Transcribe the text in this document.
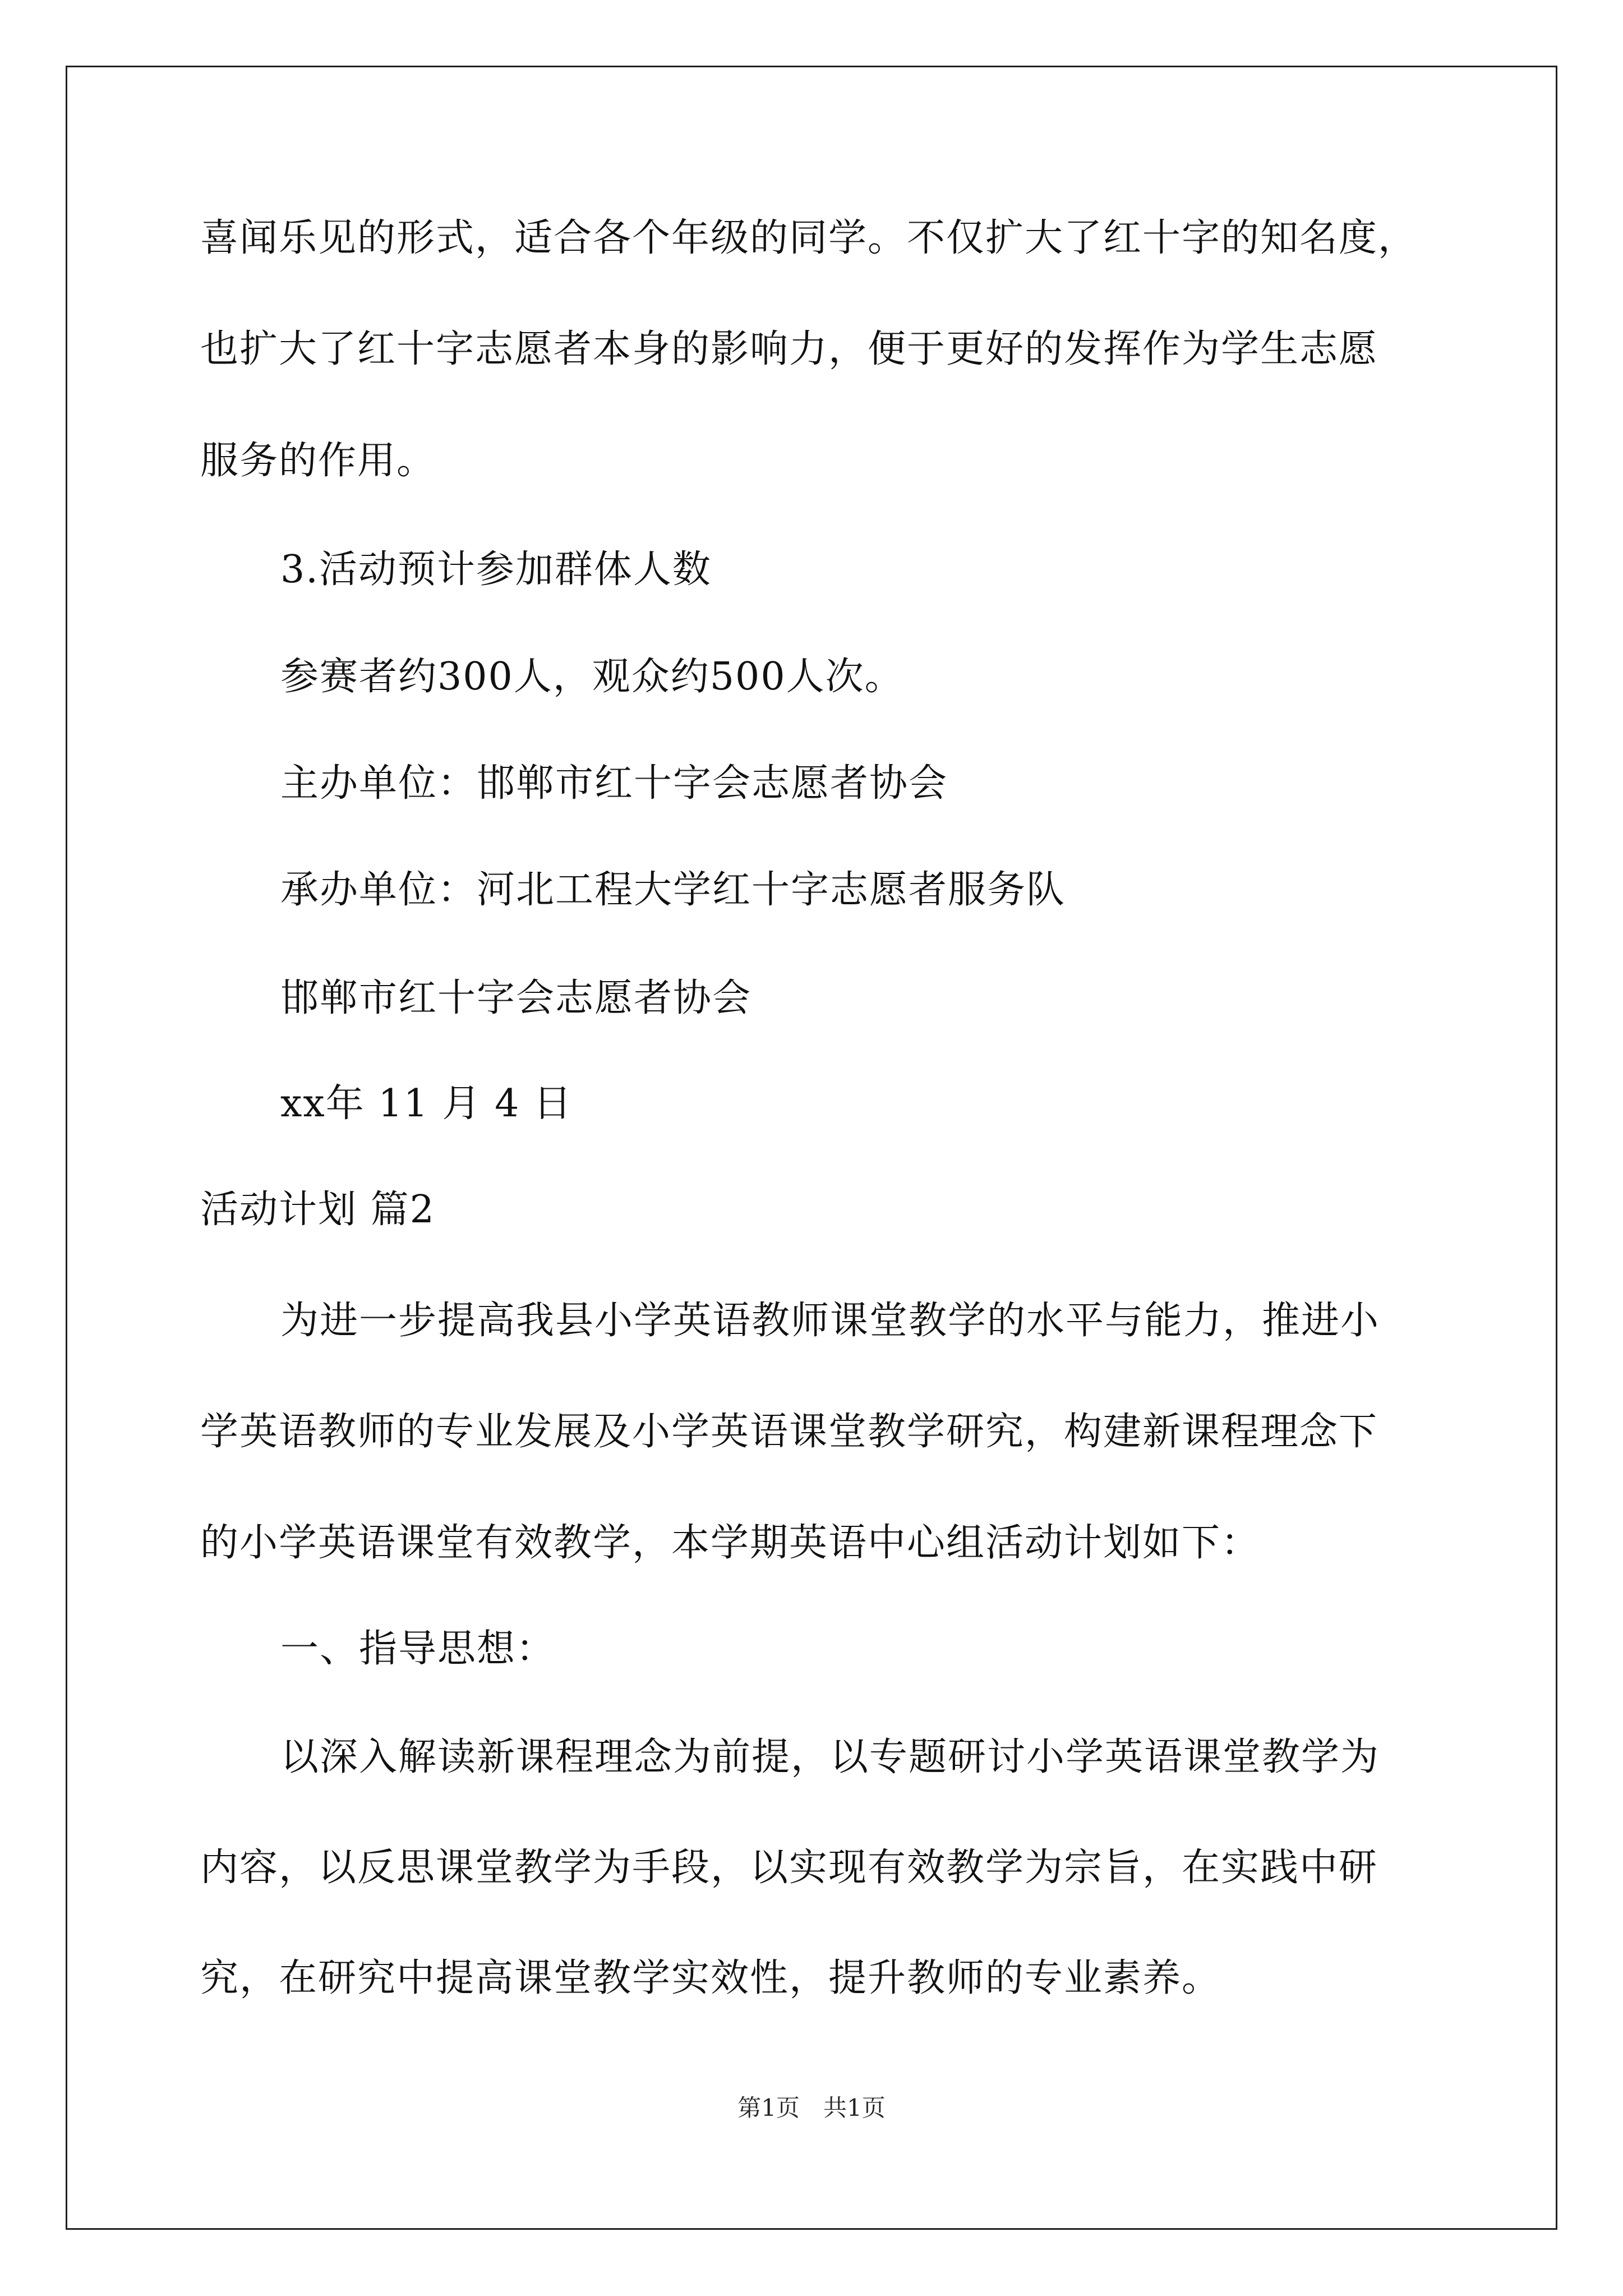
喜闻乐见的形式，适合各个年级的同学。不仅扩大了红十字的知名度，
也扩大了红十字志愿者本身的影响力，便于更好的发挥作为学生志愿
服务的作用。
3.活动预计参加群体人数
参赛者约300人，观众约500人次。
主办单位：邯郸市红十字会志愿者协会
承办单位：河北工程大学红十字志愿者服务队
邯郸市红十字会志愿者协会
xx年 11 月 4 日
活动计划 篇2
为进一步提高我县小学英语教师课堂教学的水平与能力，推进小
学英语教师的专业发展及小学英语课堂教学研究，构建新课程理念下
的小学英语课堂有效教学，本学期英语中心组活动计划如下：
一、指导思想：
以深入解读新课程理念为前提，以专题研讨小学英语课堂教学为
内容，以反思课堂教学为手段，以实现有效教学为宗旨，在实践中研
究，在研究中提高课堂教学实效性，提升教师的专业素养。
第1页　共1页
